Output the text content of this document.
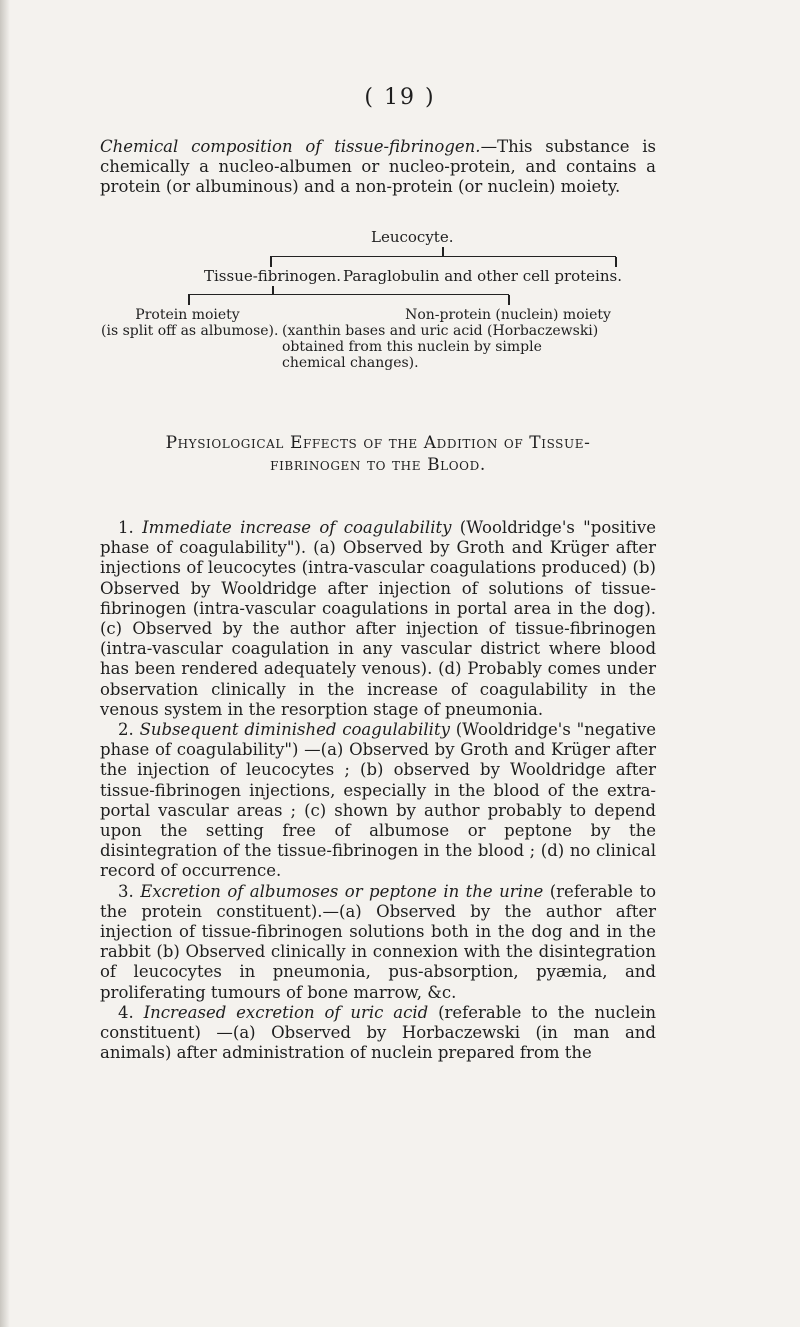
( 19 )

Chemical composition of tissue-fibrinogen.—This substance is chemically a nucleo-albumen or nucleo-protein, and contains a protein (or albuminous) and a non-protein (or nuclein) moiety.

Leucocyte.
Tissue-fibrinogen. Paraglobulin and other cell proteins.
Protein moiety
(is split off as albumose).
Non-protein (nuclein) moiety
(xanthin bases and uric acid (Horbaczewski)
obtained from this nuclein by simple
chemical changes).
Physiological Effects of the Addition of Tissue-
fibrinogen to the Blood.

1. Immediate increase of coagulability (Wooldridge's "positive phase of coagulability"). (a) Observed by Groth and Krüger after injections of leucocytes (intra-vascular coagulations produced) (b) Observed by Wooldridge after injection of solutions of tissue-fibrinogen (intra-vascular coagulations in portal area in the dog). (c) Observed by the author after injection of tissue-fibrinogen (intra-vascular coagulation in any vascular district where blood has been rendered adequately venous). (d) Probably comes under observation clinically in the increase of coagulability in the venous system in the resorption stage of pneumonia.

2. Subsequent diminished coagulability (Wooldridge's "negative phase of coagulability") —(a) Observed by Groth and Krüger after the injection of leucocytes ; (b) observed by Wooldridge after tissue-fibrinogen injections, especially in the blood of the extra-portal vascular areas ; (c) shown by author probably to depend upon the setting free of albumose or peptone by the disintegration of the tissue-fibrinogen in the blood ; (d) no clinical record of occurrence.

3. Excretion of albumoses or peptone in the urine (referable to the protein constituent).—(a) Observed by the author after injection of tissue-fibrinogen solutions both in the dog and in the rabbit (b) Observed clinically in connexion with the disintegration of leucocytes in pneumonia, pus-absorption, pyæmia, and proliferating tumours of bone marrow, &c.

4. Increased excretion of uric acid (referable to the nuclein constituent) —(a) Observed by Horbaczewski (in man and animals) after administration of nuclein prepared from the
